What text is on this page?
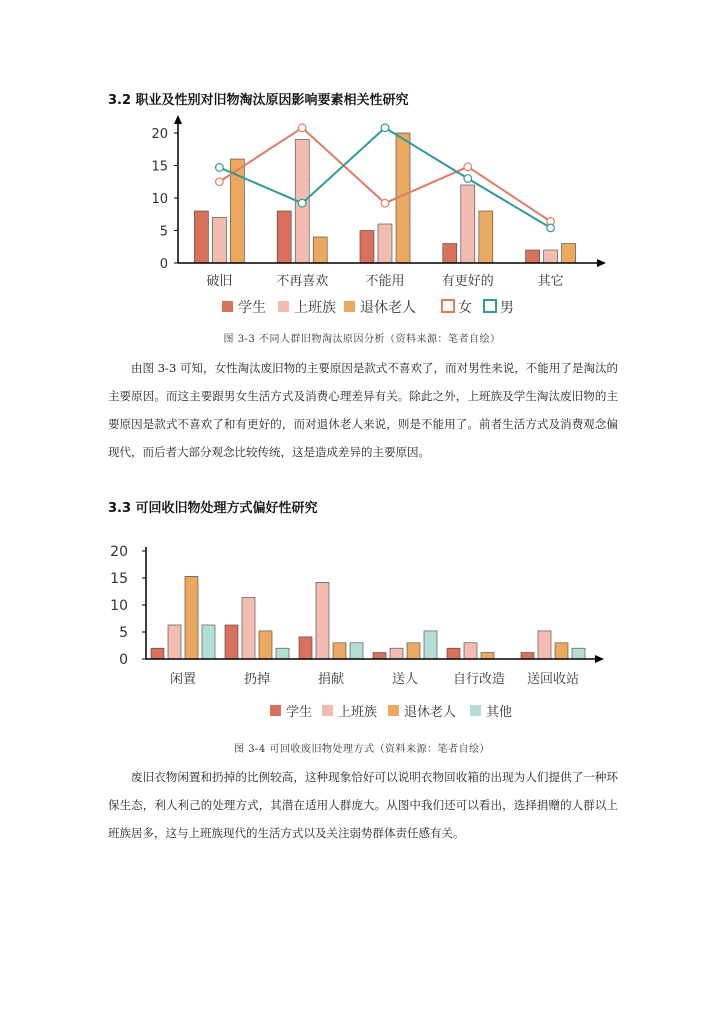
3.2 职业及性别对旧物淘汰原因影响要素相关性研究
0
5
10
15
20
破旧	不再喜欢	不能用	有更好的	其它
学生 上班族 退休老人	女 男
图 3-3 不同人群旧物淘汰原因分析（资料来源：笔者自绘）
由图 3-3 可知，女性淘汰废旧物的主要原因是款式不喜欢了，而对男性来说，不能用了是淘汰的主要原因。而这主要跟男女生活方式及消费心理差异有关。除此之外，上班族及学生淘汰废旧物的主要原因是款式不喜欢了和有更好的，而对退休老人来说，则是不能用了。前者生活方式及消费观念偏现代，而后者大部分观念比较传统，这是造成差异的主要原因。
3.3 可回收旧物处理方式偏好性研究
0
5
10
15
20
闲置	扔掉	捐献	送人	自行改造 送回收站
学生 上班族 退休老人 其他
图 3-4 可回收废旧物处理方式（资料来源：笔者自绘）
废旧衣物闲置和扔掉的比例较高，这种现象恰好可以说明衣物回收箱的出现为人们提供了一种环保生态，利人利己的处理方式，其潜在适用人群庞大。从图中我们还可以看出，选择捐赠的人群以上班族居多，这与上班族现代的生活方式以及关注弱势群体责任感有关。
